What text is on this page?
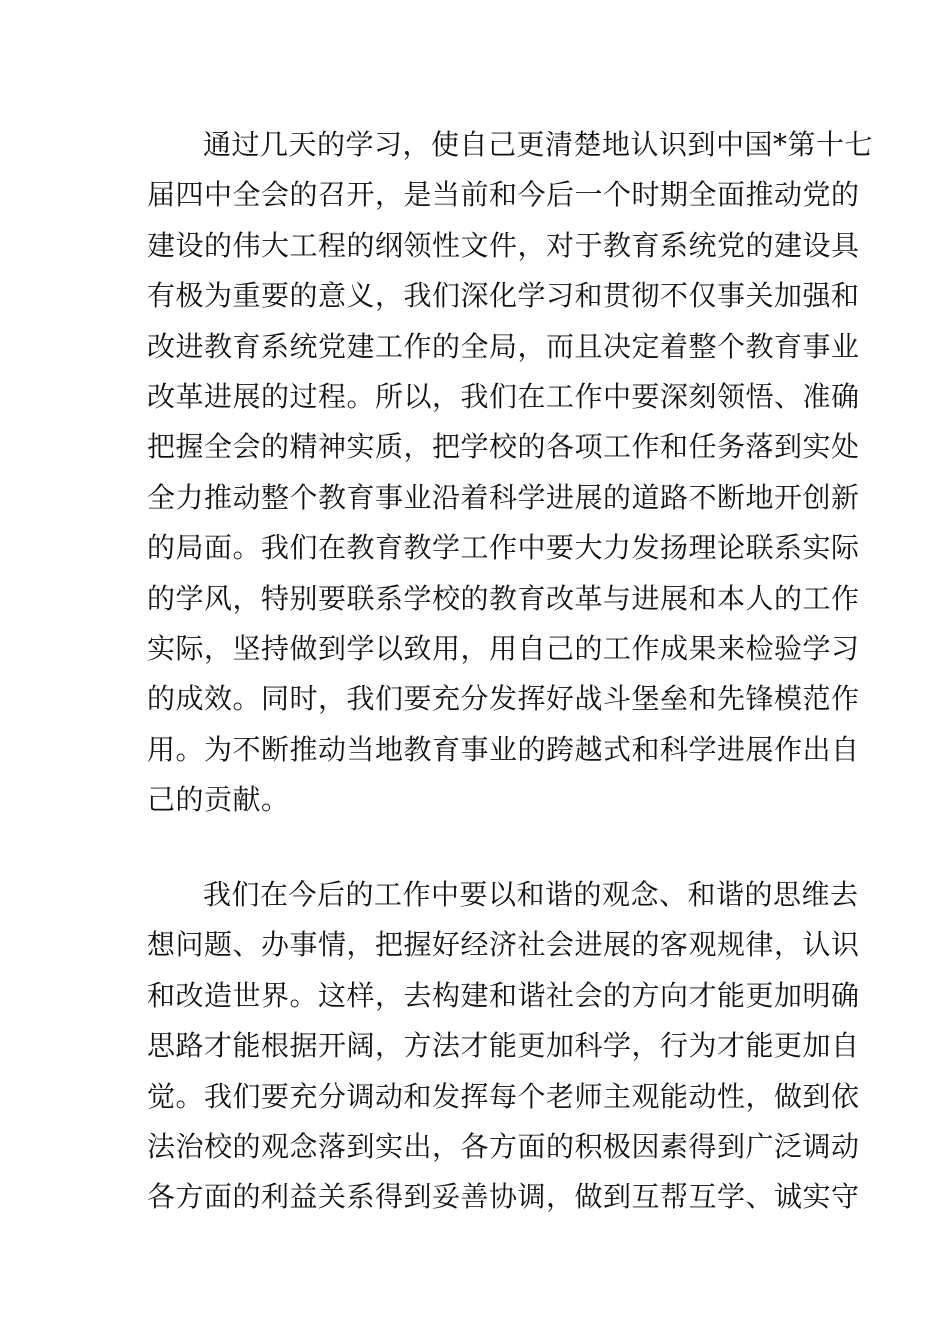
通过几天的学习，使自己更清楚地认识到中国*第十七
届四中全会的召开，是当前和今后一个时期全面推动党的
建设的伟大工程的纲领性文件，对于教育系统党的建设具
有极为重要的意义，我们深化学习和贯彻不仅事关加强和
改进教育系统党建工作的全局，而且决定着整个教育事业
改革进展的过程。所以，我们在工作中要深刻领悟、准确
把握全会的精神实质，把学校的各项工作和任务落到实处
全力推动整个教育事业沿着科学进展的道路不断地开创新
的局面。我们在教育教学工作中要大力发扬理论联系实际
的学风，特别要联系学校的教育改革与进展和本人的工作
实际，坚持做到学以致用，用自己的工作成果来检验学习
的成效。同时，我们要充分发挥好战斗堡垒和先锋模范作
用。为不断推动当地教育事业的跨越式和科学进展作出自
己的贡献。
我们在今后的工作中要以和谐的观念、和谐的思维去
想问题、办事情，把握好经济社会进展的客观规律，认识
和改造世界。这样，去构建和谐社会的方向才能更加明确
思路才能根据开阔，方法才能更加科学，行为才能更加自
觉。我们要充分调动和发挥每个老师主观能动性，做到依
法治校的观念落到实出，各方面的积极因素得到广泛调动
各方面的利益关系得到妥善协调，做到互帮互学、诚实守
